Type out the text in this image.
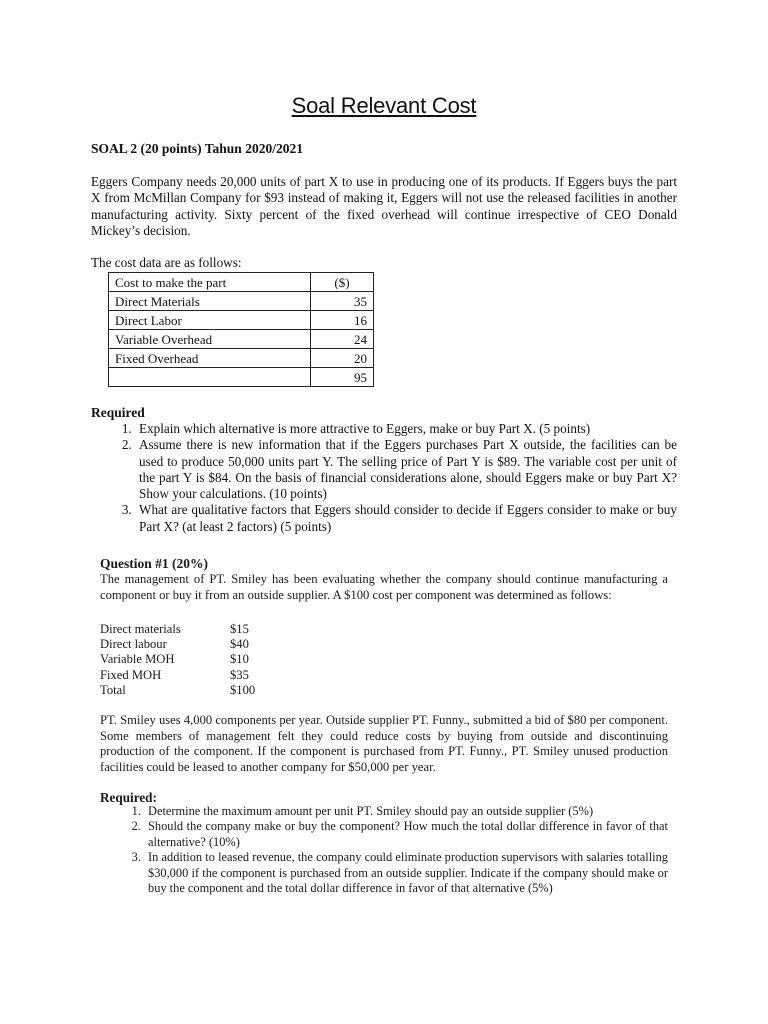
Soal Relevant Cost
SOAL 2 (20 points) Tahun 2020/2021
Eggers Company needs 20,000 units of part X to use in producing one of its products. If Eggers buys the part X from McMillan Company for $93 instead of making it, Eggers will not use the released facilities in another manufacturing activity. Sixty percent of the fixed overhead will continue irrespective of CEO Donald Mickey’s decision.
The cost data are as follows:
Cost to make the part	($)
Direct Materials	35
Direct Labor	16
Variable Overhead	24
Fixed Overhead	20
	95
Required
1. Explain which alternative is more attractive to Eggers, make or buy Part X. (5 points)
2. Assume there is new information that if the Eggers purchases Part X outside, the facilities can be used to produce 50,000 units part Y. The selling price of Part Y is $89. The variable cost per unit of the part Y is $84. On the basis of financial considerations alone, should Eggers make or buy Part X? Show your calculations. (10 points)
3. What are qualitative factors that Eggers should consider to decide if Eggers consider to make or buy Part X? (at least 2 factors) (5 points)
Question #1 (20%)
The management of PT. Smiley has been evaluating whether the company should continue manufacturing a component or buy it from an outside supplier. A $100 cost per component was determined as follows:
Direct materials	$15
Direct labour	$40
Variable MOH	$10
Fixed MOH	$35
Total	$100
PT. Smiley uses 4,000 components per year. Outside supplier PT. Funny., submitted a bid of $80 per component. Some members of management felt they could reduce costs by buying from outside and discontinuing production of the component. If the component is purchased from PT. Funny., PT. Smiley unused production facilities could be leased to another company for $50,000 per year.
Required:
1. Determine the maximum amount per unit PT. Smiley should pay an outside supplier (5%)
2. Should the company make or buy the component? How much the total dollar difference in favor of that alternative? (10%)
3. In addition to leased revenue, the company could eliminate production supervisors with salaries totalling $30,000 if the component is purchased from an outside supplier. Indicate if the company should make or buy the component and the total dollar difference in favor of that alternative (5%)
